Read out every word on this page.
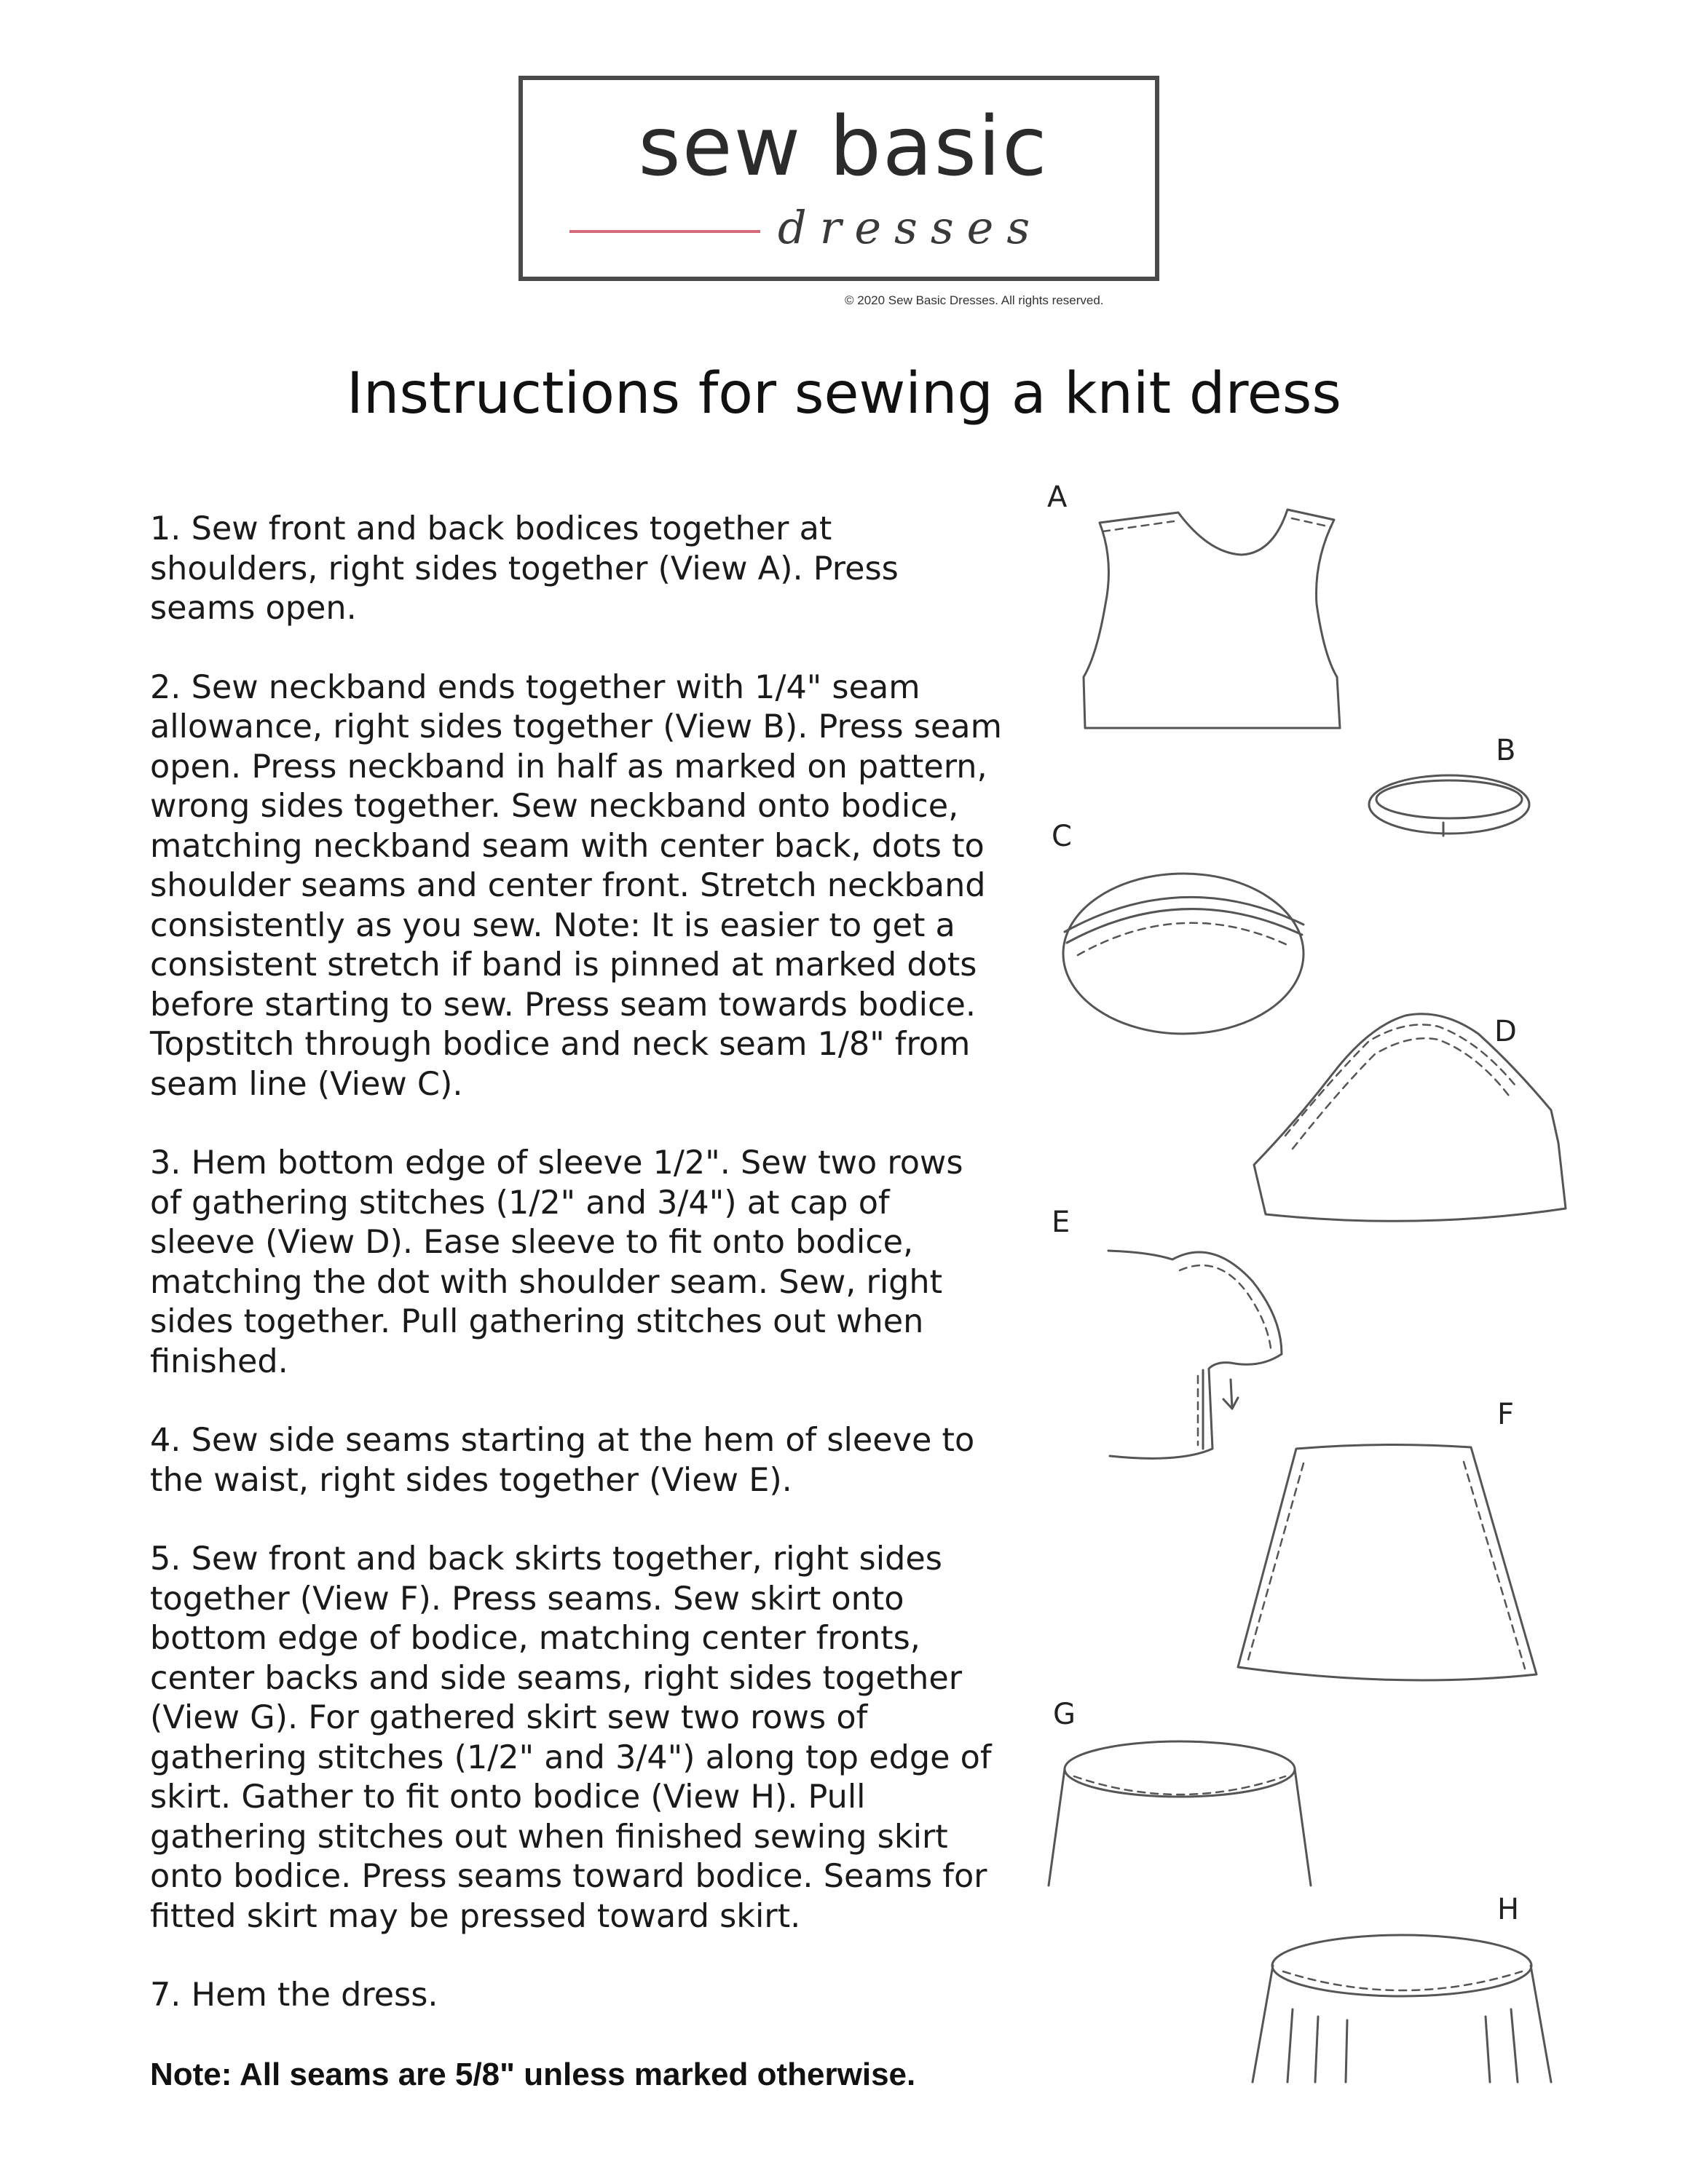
sew basic
dresses
© 2020 Sew Basic Dresses. All rights reserved.
Instructions for sewing a knit dress

1. Sew front and back bodices together at shoulders, right sides together (View A). Press seams open.

2. Sew neckband ends together with 1/4" seam allowance, right sides together (View B). Press seam open. Press neckband in half as marked on pattern, wrong sides together. Sew neckband onto bodice, matching neckband seam with center back, dots to shoulder seams and center front. Stretch neckband consistently as you sew. Note: It is easier to get a consistent stretch if band is pinned at marked dots before starting to sew. Press seam towards bodice. Topstitch through bodice and neck seam 1/8" from seam line (View C).

3. Hem bottom edge of sleeve 1/2". Sew two rows of gathering stitches (1/2" and 3/4") at cap of sleeve (View D). Ease sleeve to fit onto bodice, matching the dot with shoulder seam. Sew, right sides together. Pull gathering stitches out when finished.

4. Sew side seams starting at the hem of sleeve to the waist, right sides together (View E).

5. Sew front and back skirts together, right sides together (View F). Press seams. Sew skirt onto bottom edge of bodice, matching center fronts, center backs and side seams, right sides together (View G). For gathered skirt sew two rows of gathering stitches (1/2" and 3/4") along top edge of skirt. Gather to fit onto bodice (View H). Pull gathering stitches out when finished sewing skirt onto bodice. Press seams toward bodice. Seams for fitted skirt may be pressed toward skirt.

7. Hem the dress.

Note: All seams are 5/8" unless marked otherwise.

A
B
C
D
E
F
G
H
